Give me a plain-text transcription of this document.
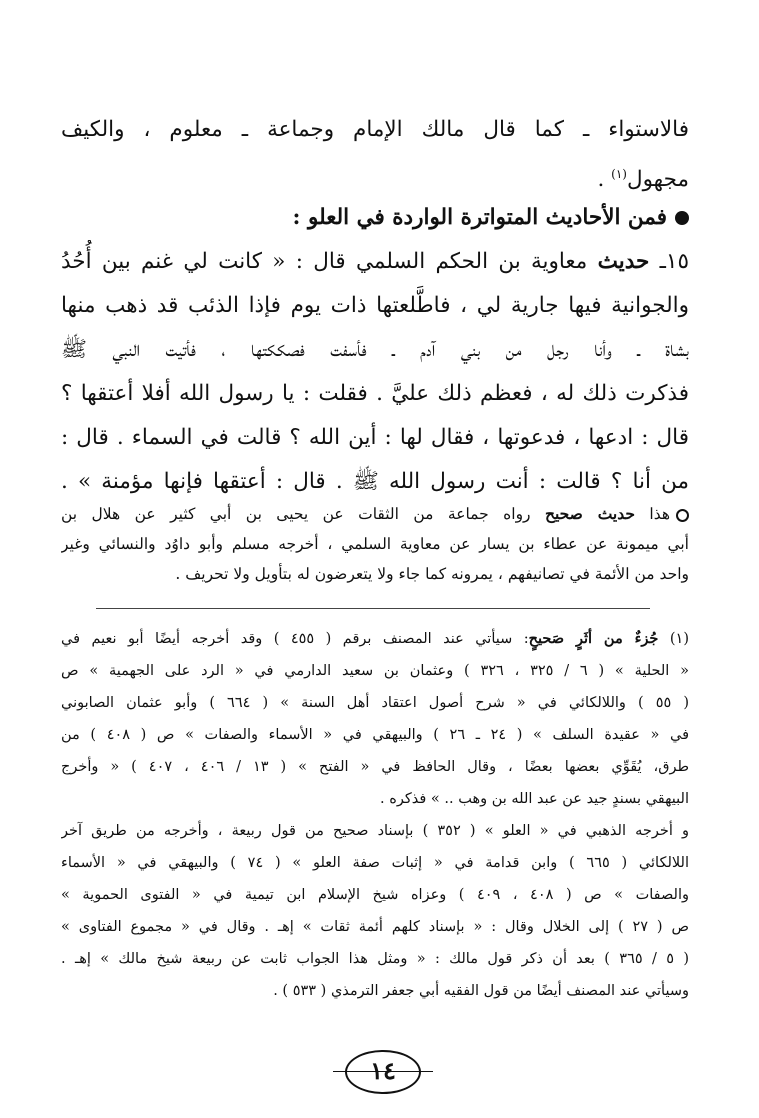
فالاستواء ـ كما قال مالك الإمام وجماعة ـ معلوم ، والكيف
مجهول$^{(١)}$ .
فمن الأحاديث المتواترة الواردة في العلو :
١٥ـ حديث معاوية بن الحكم السلمي قال : « كانت لي غنم بين أُحُدُ
والجوانية فيها جارية لي ، فاطَّلعتها ذات يوم فإذا الذئب قد ذهب منها
بشاة ـ وأنا رجل من بني آدم ـ فأسفت فصككتها ، فأتيت النبي ﷺ
فذكرت ذلك له ، فعظم ذلك عليَّ . فقلت : يا رسول الله أفلا أعتقها ؟
قال : ادعها ، فدعوتها ، فقال لها : أين الله ؟ قالت في السماء . قال :
من أنا ؟ قالت : أنت رسول الله ﷺ . قال : أعتقها فإنها مؤمنة » .
هذا حديث صحيح رواه جماعة من الثقات عن يحيى بن أبي كثير عن هلال بن
أبي ميمونة عن عطاء بن يسار عن معاوية السلمي ، أخرجه مسلم وأبو داوُد والنسائي وغير
واحد من الأئمة في تصانيفهم ، يمرونه كما جاء ولا يتعرضون له بتأويل ولا تحريف .
(١) جُزءٌ من أثَرٍ صَحيحٍ: سيأتي عند المصنف برقم ( ٤٥٥ ) وقد أخرجه أيضًا أبو نعيم في
« الحلية » ( ٦ / ٣٢٥ ، ٣٢٦ ) وعثمان بن سعيد الدارمي في « الرد على الجهمية » ص
( ٥٥ ) واللالكائي في « شرح أصول اعتقاد أهل السنة » ( ٦٦٤ ) وأبو عثمان الصابوني
في « عقيدة السلف » ( ٢٤ ـ ٢٦ ) والبيهقي في « الأسماء والصفات » ص ( ٤٠٨ ) من
طرق، يُقَوِّي بعضها بعضًا ، وقال الحافظ في « الفتح » ( ١٣ / ٤٠٦ ، ٤٠٧ ) « وأخرج
البيهقي بسندٍ جيد عن عبد الله بن وهب .. » فذكره .
و أخرجه الذهبي في « العلو » ( ٣٥٢ ) بإسناد صحيح من قول ربيعة ، وأخرجه من طريق آخر
اللالكائي ( ٦٦٥ ) وابن قدامة في « إثبات صفة العلو » ( ٧٤ ) والبيهقي في « الأسماء
والصفات » ص ( ٤٠٨ ، ٤٠٩ ) وعزاه شيخ الإسلام ابن تيمية في « الفتوى الحموية »
ص ( ٢٧ ) إلى الخلال وقال : « بإسناد كلهم أئمة ثقات » إهـ . وقال في « مجموع الفتاوى »
( ٥ / ٣٦٥ ) بعد أن ذكر قول مالك : « ومثل هذا الجواب ثابت عن ربيعة شيخ مالك » إهـ .
وسيأتي عند المصنف أيضًا من قول الفقيه أبي جعفر الترمذي ( ٥٣٣ ) .
١٤
